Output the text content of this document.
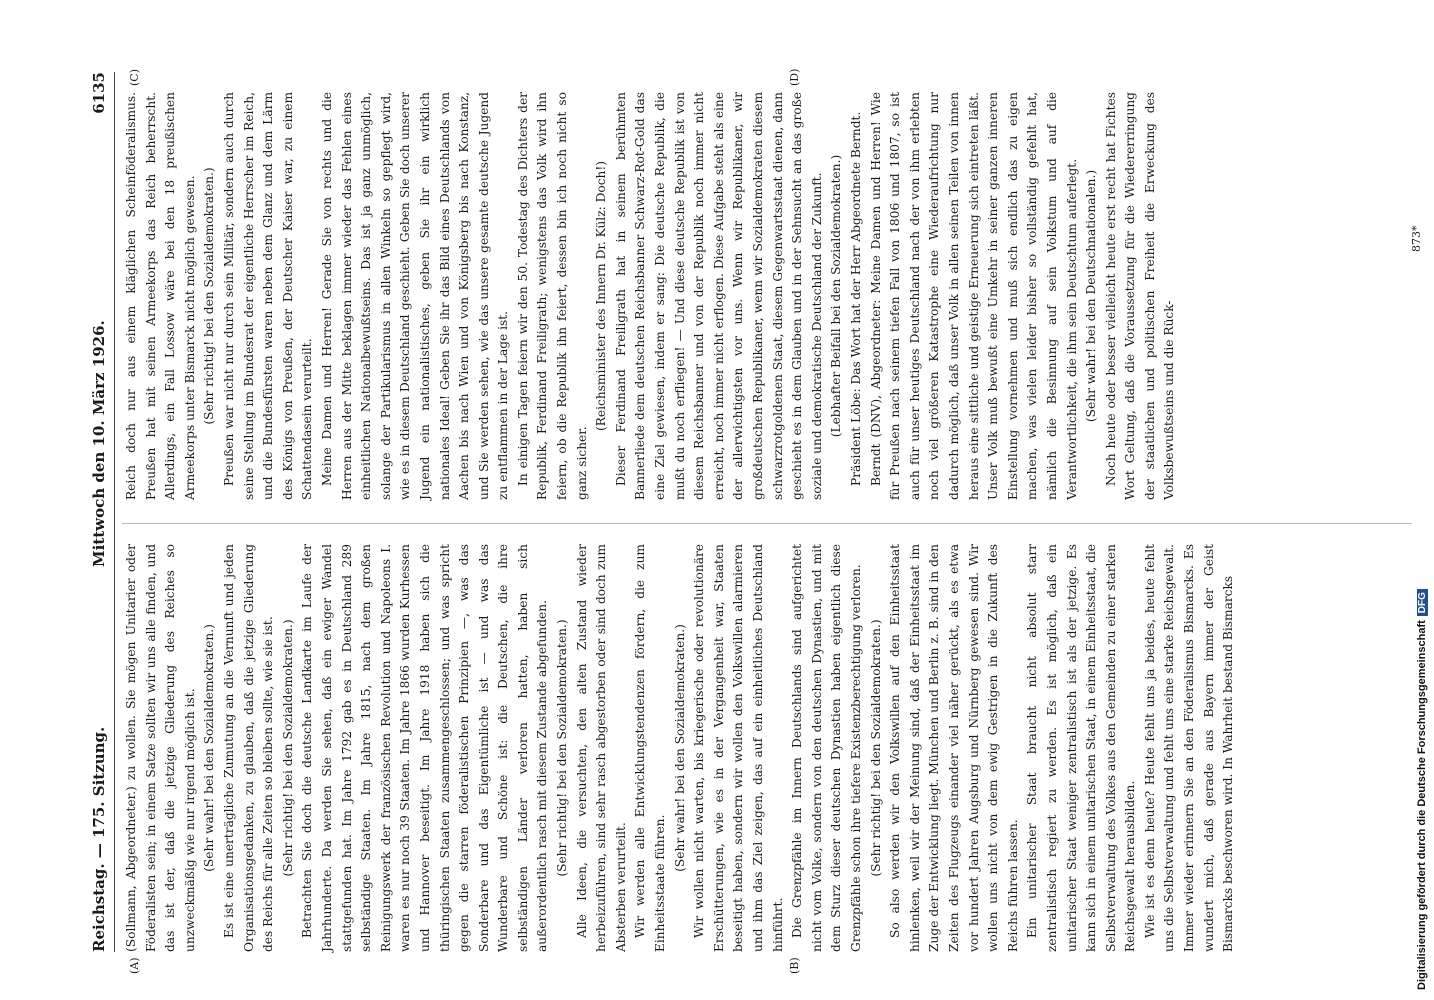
Reichstag. — 175. Sitzung.
Mittwoch den 10. März 1926.
6135
(A)	(B)
(C)	(D)

(Sollmann, Abgeordneter.) zu wollen. Sie mögen Unitarier oder Föderalisten sein; in einem Satze sollten wir uns alle finden, und das ist der, daß die jetzige Gliederung des Reiches so unzweckmäßig wie nur irgend möglich ist. (Sehr wahr! bei den Sozialdemokraten.) Es ist eine unerträgliche Zumutung an die Vernunft und jeden Organisationsgedanken, zu glauben, daß die jetzige Gliederung des Reichs für alle Zeiten so bleiben sollte, wie sie ist. (Sehr richtig! bei den Sozialdemokraten.) Betrachten Sie doch die deutsche Landkarte im Laufe der Jahrhunderte. Da werden Sie sehen, daß ein ewiger Wandel stattgefunden hat. Im Jahre 1792 gab es in Deutschland 289 selbständige Staaten. Im Jahre 1815, nach dem großen Reinigungswerk der französischen Revolution und Napoleons I. waren es nur noch 39 Staaten. Im Jahre 1866 wurden Kurhessen und Hannover beseitigt. Im Jahre 1918 haben sich die thüringischen Staaten zusammengeschlossen; und was spricht gegen die starren föderalistischen Prinzipien —, was das Sonderbare und das Eigentümliche ist — und was das Wunderbare und Schöne ist: die Deutschen, die ihre selbständigen Länder verloren hatten, haben sich außerordentlich rasch mit diesem Zustande abgefunden. (Sehr richtig! bei den Sozialdemokraten.) Alle Ideen, die versuchten, den alten Zustand wieder herbeizuführen, sind sehr rasch abgestorben oder sind doch zum Absterben verurteilt. Wir werden alle Entwicklungstendenzen fördern, die zum Einheitsstaate führen.

(Sehr wahr! bei den Sozialdemokraten.) Wir wollen nicht warten, bis kriegerische oder revolutionäre Erschütterungen, wie es in der Vergangenheit war, Staaten beseitigt haben, sondern wir wollen den Volkswillen alarmieren und ihm das Ziel zeigen, das auf ein einheitliches Deutschland hinführt. Die Grenzpfähle im Innern Deutschlands sind aufgerichtet nicht vom Volke, sondern von den deutschen Dynastien, und mit dem Sturz dieser deutschen Dynastien haben eigentlich diese Grenzpfähle schon ihre tiefere Existenzberechtigung verloren. (Sehr richtig! bei den Sozialdemokraten.) So also werden wir den Volkswillen auf den Einheitsstaat hinlenken, weil wir der Meinung sind, daß der Einheitsstaat im Zuge der Entwicklung liegt. München und Berlin z. B. sind in den Zeiten des Flugzeugs einander viel näher gerückt, als es etwa vor hundert Jahren Augsburg und Nürnberg gewesen sind. Wir wollen uns nicht von dem ewig Gestrigen in die Zukunft des Reichs führen lassen. Ein unitarischer Staat braucht nicht absolut starr zentralistisch regiert zu werden. Es ist möglich, daß ein unitarischer Staat weniger zentralistisch ist als der jetzige. Es kann sich in einem unitarischen Staat, in einem Einheitsstaat, die Selbstverwaltung des Volkes aus den Gemeinden zu einer starken Reichsgewalt herausbilden. Wie ist es denn heute? Heute fehlt uns ja beides, heute fehlt uns die Selbstverwaltung und fehlt uns eine starke Reichsgewalt. Immer wieder erinnern Sie an den Föderalismus Bismarcks. Es wundert mich, daß gerade aus Bayern immer der Geist Bismarcks beschworen wird. In Wahrheit bestand Bismarcks

Reich doch nur aus einem kläglichen Scheinföderalismus. Preußen hat mit seinen Armeekorps das Reich beherrscht. Allerdings, ein Fall Lossow wäre bei den 18 preußischen Armeekorps unter Bismarck nicht möglich gewesen. (Sehr richtig! bei den Sozialdemokraten.) Preußen war nicht nur durch sein Militär, sondern auch durch seine Stellung im Bundesrat der eigentliche Herrscher im Reich, und die Bundesfürsten waren neben dem Glanz und dem Lärm des Königs von Preußen, der Deutscher Kaiser war, zu einem Schattendasein verurteilt. Meine Damen und Herren! Gerade Sie von rechts und die Herren aus der Mitte beklagen immer wieder das Fehlen eines einheitlichen Nationalbewußtseins. Das ist ja ganz unmöglich, solange der Partikularismus in allen Winkeln so gepflegt wird, wie es in diesem Deutschland geschieht. Geben Sie doch unserer Jugend ein nationalistisches, geben Sie ihr ein wirklich nationales Ideal! Geben Sie ihr das Bild eines Deutschlands von Aachen bis nach Wien und von Königsberg bis nach Konstanz, und Sie werden sehen, wie das unsere gesamte deutsche Jugend zu entflammen in der Lage ist. In einigen Tagen feiern wir den 50. Todestag des Dichters der Republik, Ferdinand Freiligrath; wenigstens das Volk wird ihn feiern, ob die Republik ihn feiert, dessen bin ich noch nicht so ganz sicher.

(Reichsminister des Innern Dr. Külz: Doch!) Dieser Ferdinand Freiligrath hat in seinem berühmten Bannerliede dem deutschen Reichsbanner Schwarz-Rot-Gold das eine Ziel gewiesen, indem er sang: Die deutsche Republik, die mußt du noch erfliegen! — Und diese deutsche Republik ist von diesem Reichsbanner und von der Republik noch immer nicht erreicht, noch immer nicht erflogen. Diese Aufgabe steht als eine der allerwichtigsten vor uns. Wenn wir Republikaner, wir großdeutschen Republikaner, wenn wir Sozialdemokraten diesem schwarzrotgoldenen Staat, diesem Gegenwartsstaat dienen, dann geschieht es in dem Glauben und in der Sehnsucht an das große soziale und demokratische Deutschland der Zukunft. (Lebhafter Beifall bei den Sozialdemokraten.) Präsident Löbe: Das Wort hat der Herr Abgeordnete Berndt. Berndt (DNV), Abgeordneter: Meine Damen und Herren! Wie für Preußen nach seinem tiefen Fall von 1806 und 1807, so ist auch für unser heutiges Deutschland nach der von ihm erlebten noch viel größeren Katastrophe eine Wiederaufrichtung nur dadurch möglich, daß unser Volk in allen seinen Teilen von innen heraus eine sittliche und geistige Erneuerung sich eintreten läßt. Unser Volk muß bewußt eine Umkehr in seiner ganzen inneren Einstellung vornehmen und muß sich endlich das zu eigen machen, was vielen leider bisher so vollständig gefehlt hat, nämlich die Besinnung auf sein Volkstum und auf die Verantwortlichkeit, die ihm sein Deutschtum auferlegt. (Sehr wahr! bei den Deutschnationalen.) Noch heute oder besser vielleicht heute erst recht hat Fichtes Wort Geltung, daß die Voraussetzung für die Wiedererringung der staatlichen und politischen Freiheit die Erweckung des Volksbewußtseins und die Rück-

873*
Digitalisierung gefördert durch die Deutsche ForschungsgemeinschaftDFG
